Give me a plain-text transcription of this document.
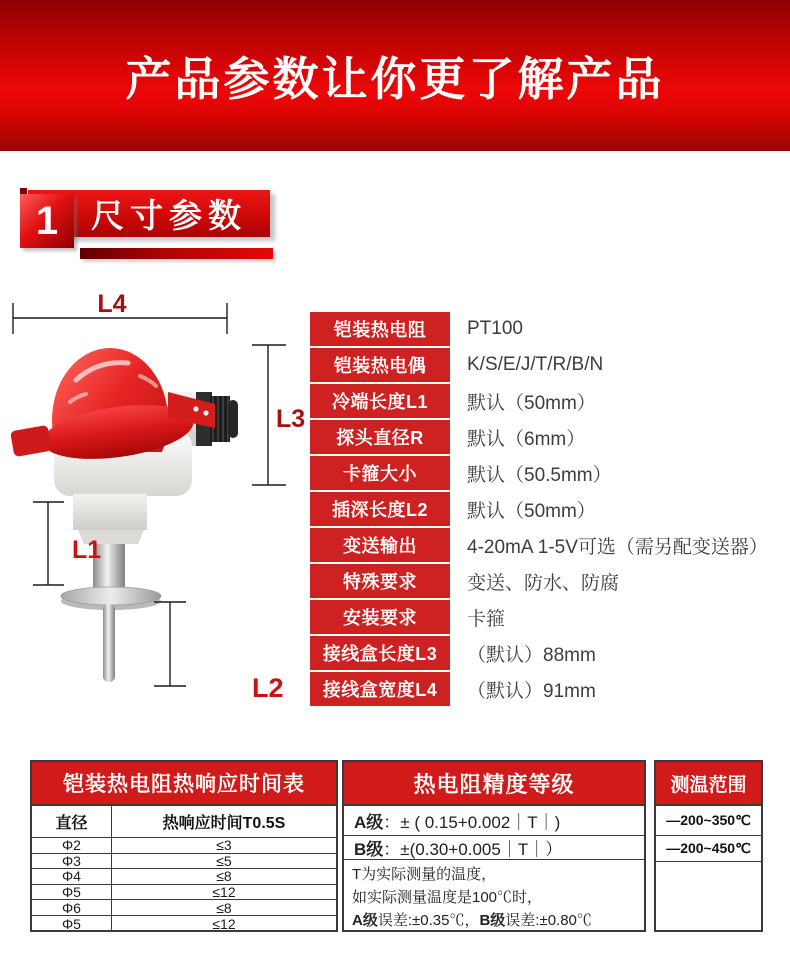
产品参数让你更了解产品
尺寸参数
1
L4
L3
L1
L2
铠装热电阻	PT100
铠装热电偶	K/S/E/J/T/R/B/N
冷端长度L1	默认（50mm）
探头直径R	默认（6mm）
卡箍大小	默认（50.5mm）
插深长度L2	默认（50mm）
变送输出	4-20mA 1-5V可选（需另配变送器）
特殊要求	变送、防水、防腐
安装要求	卡箍
接线盒长度L3	（默认）88mm
接线盒宽度L4	（默认）91mm
铠装热电阻热响应时间表
直径	热响应时间T0.5S
Φ2	≤3
Φ3	≤5
Φ4	≤8
Φ5	≤12
Φ6	≤8
Φ5	≤12
热电阻精度等级
A级 ：± ( 0.15+0.002｜T｜)
B级 ：±(0.30+0.005｜T｜）
T为实际测量的温度，
如实际测量温度是100℃时，
A级误差:±0.35℃，B级误差:±0.80℃
测温范围
—200~350℃
—200~450℃
